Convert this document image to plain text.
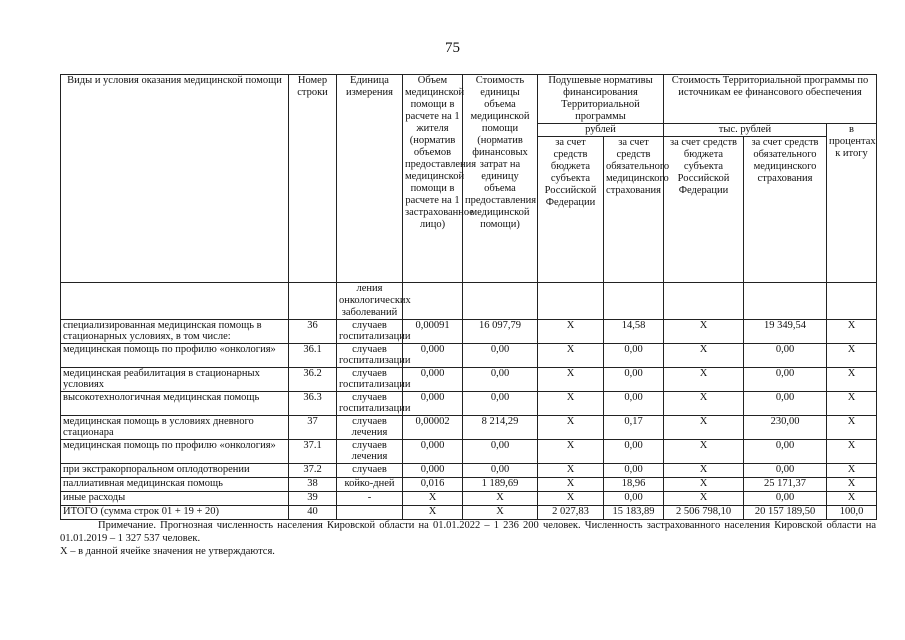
75
Виды и условия оказания медицинской помощи	Номер строки	Единица измерения	Объем медицинской помощи в расчете на 1 жителя (норматив объемов предоставления медицинской помощи в расчете на 1 застрахованное лицо)	Стоимость единицы объема медицинской помощи (норматив финансовых затрат на единицу объема предоставления медицинской помощи)	Подушевые нормативы финансирования Территориальной программы		Стоимость Территориальной программы по источникам ее финансового обеспечения		
					рублей		тыс. рублей		в процентах к итогу
					за счет средств бюджета субъекта Российской Федерации	за счет средств обязательного медицинского страхования	за счет средств бюджета субъекта Российской Федерации	за счет средств обязательного медицинского страхования	
		ления онкологических заболеваний							
специализированная медицинская помощь в стационарных условиях, в том числе:	36	случаев госпитализации	0,00091	16 097,79	X	14,58	X	19 349,54	X
медицинская помощь по профилю «онкология»	36.1	случаев госпитализации	0,000	0,00	X	0,00	X	0,00	X
медицинская реабилитация в стационарных условиях	36.2	случаев госпитализации	0,000	0,00	X	0,00	X	0,00	X
высокотехнологичная медицинская помощь	36.3	случаев госпитализации	0,000	0,00	X	0,00	X	0,00	X
медицинская помощь в условиях дневного стационара	37	случаев лечения	0,00002	8 214,29	X	0,17	X	230,00	X
медицинская помощь по профилю «онкология»	37.1	случаев лечения	0,000	0,00	X	0,00	X	0,00	X
при экстракорпоральном оплодотворении	37.2	случаев	0,000	0,00	X	0,00	X	0,00	X
паллиативная медицинская помощь	38	койко-дней	0,016	1 189,69	X	18,96	X	25 171,37	X
иные расходы	39	-	X	X	X	0,00	X	0,00	X
ИТОГО (сумма строк 01 + 19 + 20)	40		X	X	2 027,83	15 183,89	2 506 798,10	20 157 189,50	100,0

Примечание. Прогнозная численность населения Кировской области на 01.01.2022 – 1 236 200 человек. Численность застрахованного населения Кировской области на 01.01.2019 – 1 327 537 человек.

X – в данной ячейке значения не утверждаются.
